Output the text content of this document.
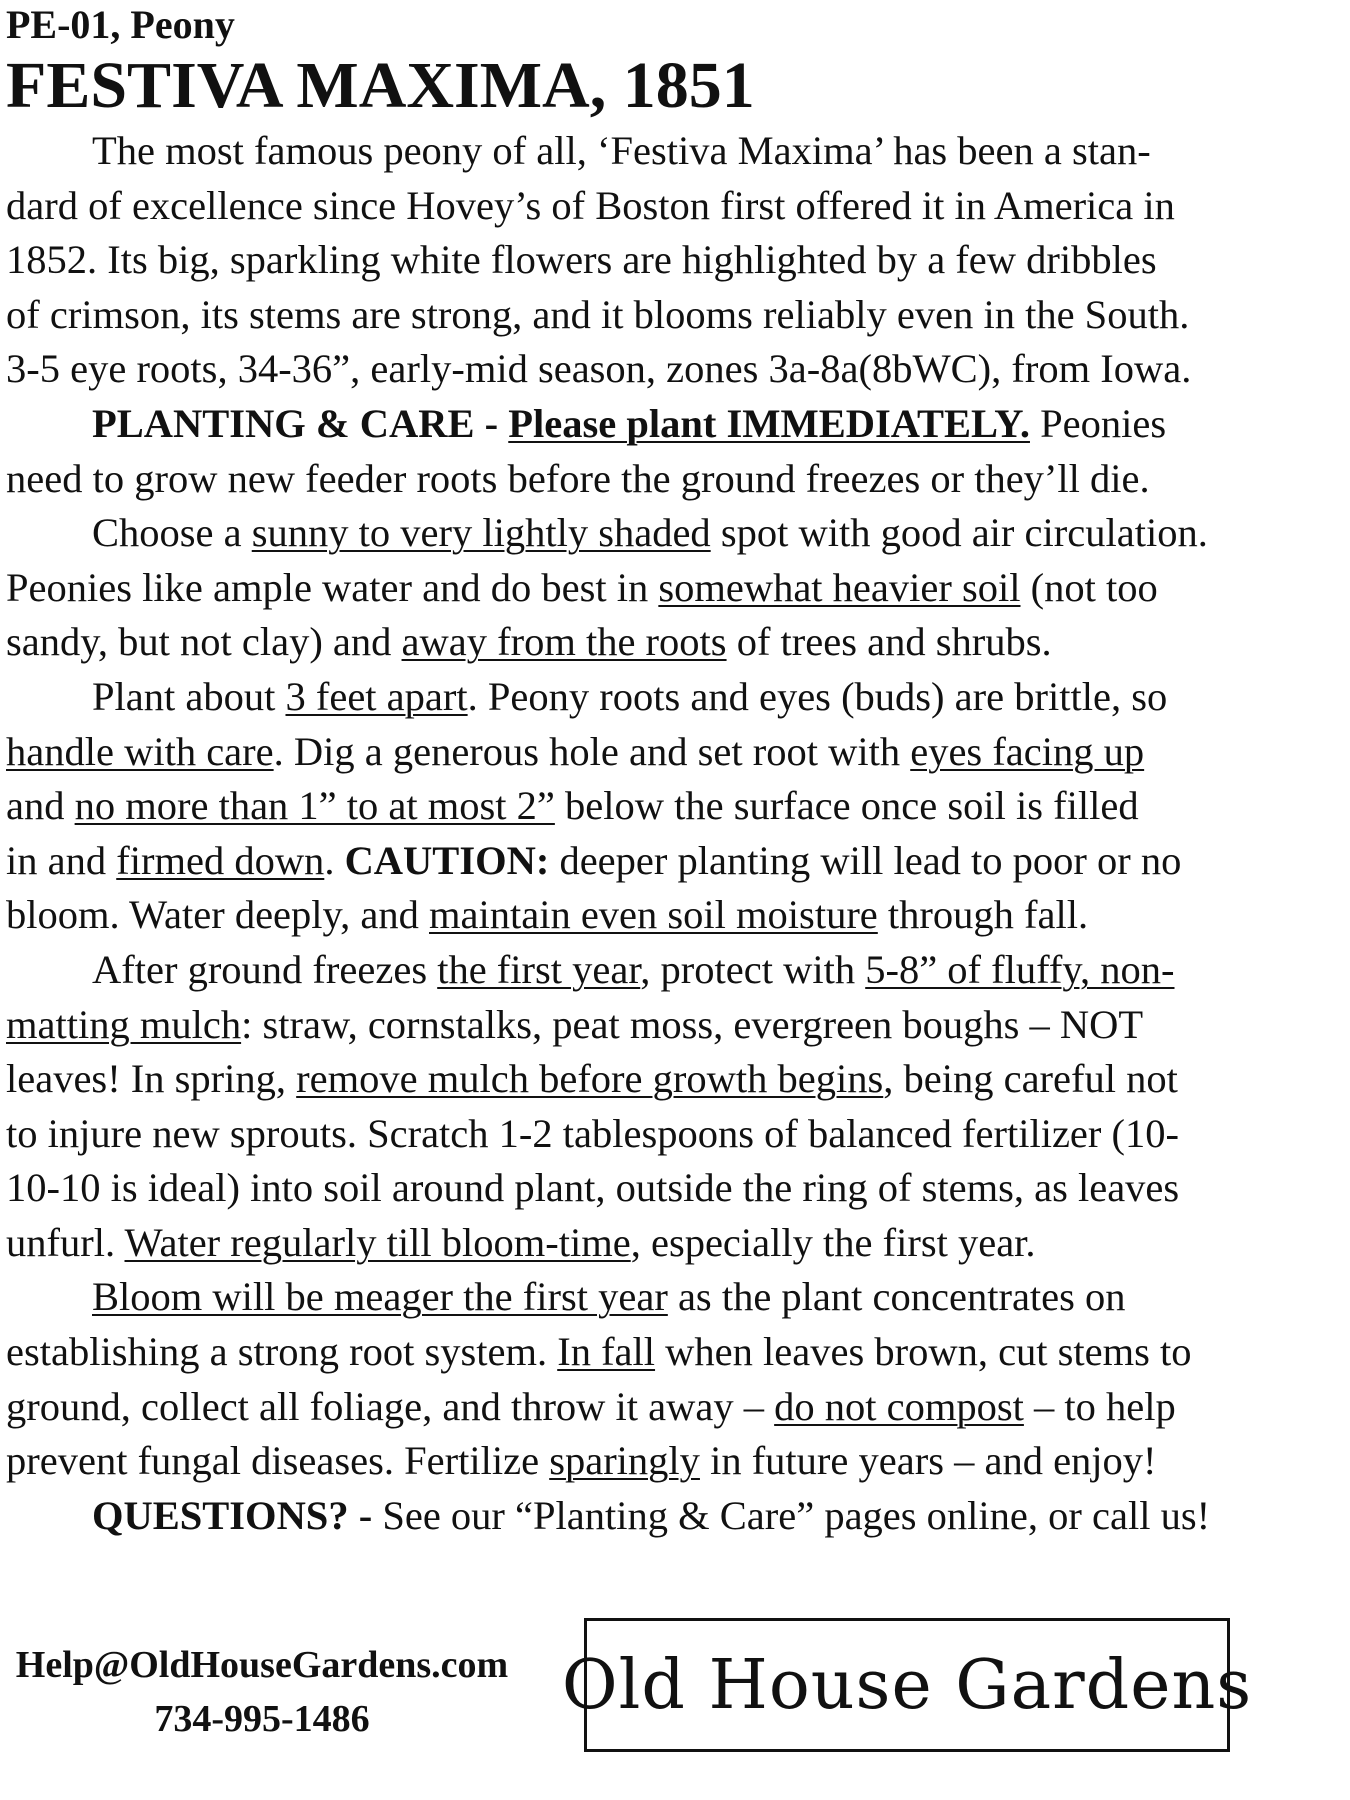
PE-01, Peony
FESTIVA MAXIMA, 1851

The most famous peony of all, ‘Festiva Maxima’ has been a stan-
dard of excellence since Hovey’s of Boston first offered it in America in
1852. Its big, sparkling white flowers are highlighted by a few dribbles
of crimson, its stems are strong, and it blooms reliably even in the South.
3-5 eye roots, 34-36”, early-mid season, zones 3a-8a(8bWC), from Iowa.

PLANTING & CARE - Please plant IMMEDIATELY. Peonies
need to grow new feeder roots before the ground freezes or they’ll die.

Choose a sunny to very lightly shaded spot with good air circulation.
Peonies like ample water and do best in somewhat heavier soil (not too
sandy, but not clay) and away from the roots of trees and shrubs.

Plant about 3 feet apart. Peony roots and eyes (buds) are brittle, so
handle with care. Dig a generous hole and set root with eyes facing up
and no more than 1” to at most 2” below the surface once soil is filled
in and firmed down. CAUTION: deeper planting will lead to poor or no
bloom. Water deeply, and maintain even soil moisture through fall.

After ground freezes the first year, protect with 5-8” of fluffy, non-
matting mulch: straw, cornstalks, peat moss, evergreen boughs – NOT
leaves! In spring, remove mulch before growth begins, being careful not
to injure new sprouts. Scratch 1-2 tablespoons of balanced fertilizer (10-
10-10 is ideal) into soil around plant, outside the ring of stems, as leaves
unfurl. Water regularly till bloom-time, especially the first year.

Bloom will be meager the first year as the plant concentrates on
establishing a strong root system. In fall when leaves brown, cut stems to
ground, collect all foliage, and throw it away – do not compost – to help
prevent fungal diseases. Fertilize sparingly in future years – and enjoy!

QUESTIONS? - See our “Planting & Care” pages online, or call us!

Help@OldHouseGardens.com
734-995-1486	Old House Gardens
